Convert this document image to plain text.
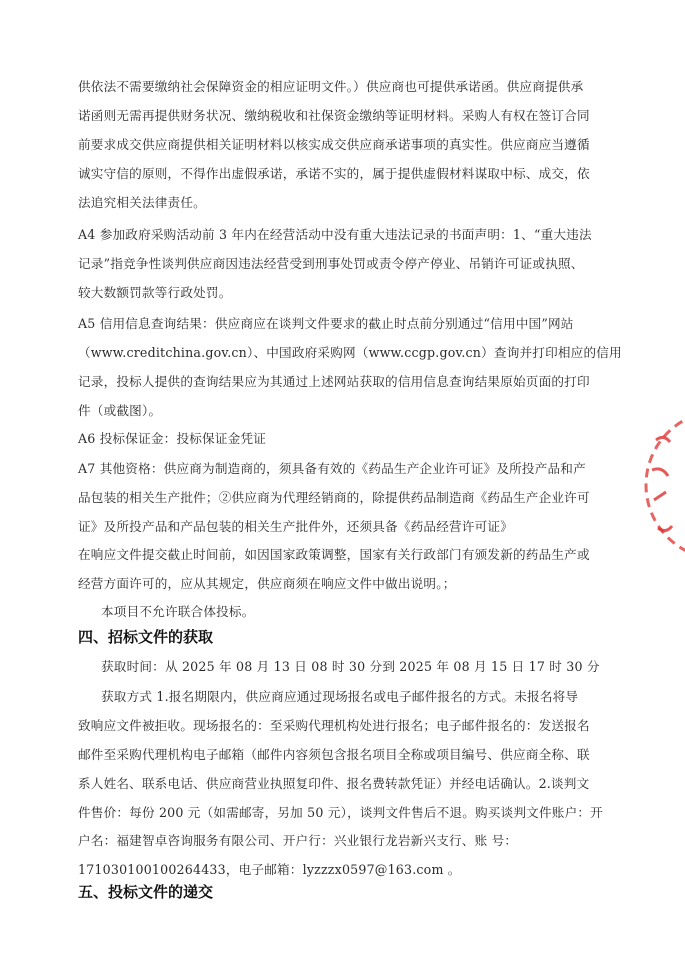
供依法不需要缴纳社会保障资金的相应证明文件。）供应商也可提供承诺函。供应商提供承
诺函则无需再提供财务状况、缴纳税收和社保资金缴纳等证明材料。采购人有权在签订合同
前要求成交供应商提供相关证明材料以核实成交供应商承诺事项的真实性。供应商应当遵循
诚实守信的原则，不得作出虚假承诺，承诺不实的，属于提供虚假材料谋取中标、成交，依
法追究相关法律责任。
A4 参加政府采购活动前 3 年内在经营活动中没有重大违法记录的书面声明：1、“重大违法
记录”指竞争性谈判供应商因违法经营受到刑事处罚或责令停产停业、吊销许可证或执照、
较大数额罚款等行政处罚。
A5 信用信息查询结果：供应商应在谈判文件要求的截止时点前分别通过“信用中国”网站
（www.creditchina.gov.cn）、中国政府采购网（www.ccgp.gov.cn）查询并打印相应的信用
记录，投标人提供的查询结果应为其通过上述网站获取的信用信息查询结果原始页面的打印
件（或截图）。
A6 投标保证金：投标保证金凭证
A7 其他资格：供应商为制造商的，须具备有效的《药品生产企业许可证》及所投产品和产
品包装的相关生产批件；②供应商为代理经销商的，除提供药品制造商《药品生产企业许可
证》及所投产品和产品包装的相关生产批件外，还须具备《药品经营许可证》
在响应文件提交截止时间前，如因国家政策调整，国家有关行政部门有颁发新的药品生产或
经营方面许可的，应从其规定，供应商须在响应文件中做出说明。；
本项目不允许联合体投标。
四、招标文件的获取
获取时间：从 2025 年 08 月 13 日 08 时 30 分到 2025 年 08 月 15 日 17 时 30 分
获取方式 1.报名期限内，供应商应通过现场报名或电子邮件报名的方式。未报名将导
致响应文件被拒收。现场报名的：至采购代理机构处进行报名；电子邮件报名的：发送报名
邮件至采购代理机构电子邮箱（邮件内容须包含报名项目全称或项目编号、供应商全称、联
系人姓名、联系电话、供应商营业执照复印件、报名费转款凭证）并经电话确认。2.谈判文
件售价：每份 200 元（如需邮寄，另加 50 元），谈判文件售后不退。购买谈判文件账户：开
户名：福建智卓咨询服务有限公司、开户行：兴业银行龙岩新兴支行、账 号：
171030100100264433，电子邮箱：lyzzzx0597@163.com 。
五、投标文件的递交
